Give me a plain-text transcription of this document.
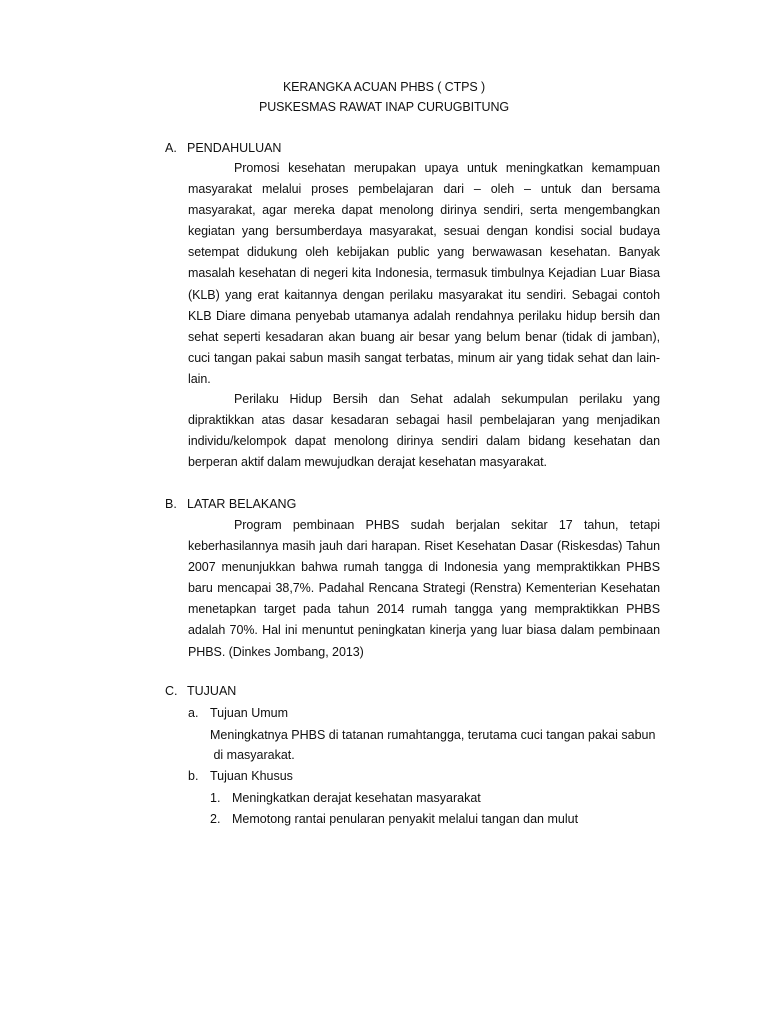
KERANGKA ACUAN PHBS ( CTPS )
PUSKESMAS RAWAT INAP CURUGBITUNG
A. PENDAHULUAN

Promosi kesehatan merupakan upaya untuk meningkatkan kemampuan masyarakat melalui proses pembelajaran dari – oleh – untuk dan bersama masyarakat, agar mereka dapat menolong dirinya sendiri, serta mengembangkan kegiatan yang bersumberdaya masyarakat, sesuai dengan kondisi social budaya setempat didukung oleh kebijakan public yang berwawasan kesehatan. Banyak masalah kesehatan di negeri kita Indonesia, termasuk timbulnya Kejadian Luar Biasa (KLB) yang erat kaitannya dengan perilaku masyarakat itu sendiri. Sebagai contoh KLB Diare dimana penyebab utamanya adalah rendahnya perilaku hidup bersih dan sehat seperti kesadaran akan buang air besar yang belum benar (tidak di jamban), cuci tangan pakai sabun masih sangat terbatas, minum air yang tidak sehat dan lain-lain.

Perilaku Hidup Bersih dan Sehat adalah sekumpulan perilaku yang dipraktikkan atas dasar kesadaran sebagai hasil pembelajaran yang menjadikan individu/kelompok dapat menolong dirinya sendiri dalam bidang kesehatan dan berperan aktif dalam mewujudkan derajat kesehatan masyarakat.

B. LATAR BELAKANG

Program pembinaan PHBS sudah berjalan sekitar 17 tahun, tetapi keberhasilannya masih jauh dari harapan. Riset Kesehatan Dasar (Riskesdas) Tahun 2007 menunjukkan bahwa rumah tangga di Indonesia yang mempraktikkan PHBS baru mencapai 38,7%. Padahal Rencana Strategi (Renstra) Kementerian Kesehatan menetapkan target pada tahun 2014 rumah tangga yang mempraktikkan PHBS adalah 70%. Hal ini menuntut peningkatan kinerja yang luar biasa dalam pembinaan PHBS. (Dinkes Jombang, 2013)

C. TUJUAN
a. Tujuan Umum
Meningkatnya PHBS di tatanan rumahtangga, terutama cuci tangan pakai sabun
di masyarakat.
b. Tujuan Khusus
1. Meningkatkan derajat kesehatan masyarakat
2. Memotong rantai penularan penyakit melalui tangan dan mulut
